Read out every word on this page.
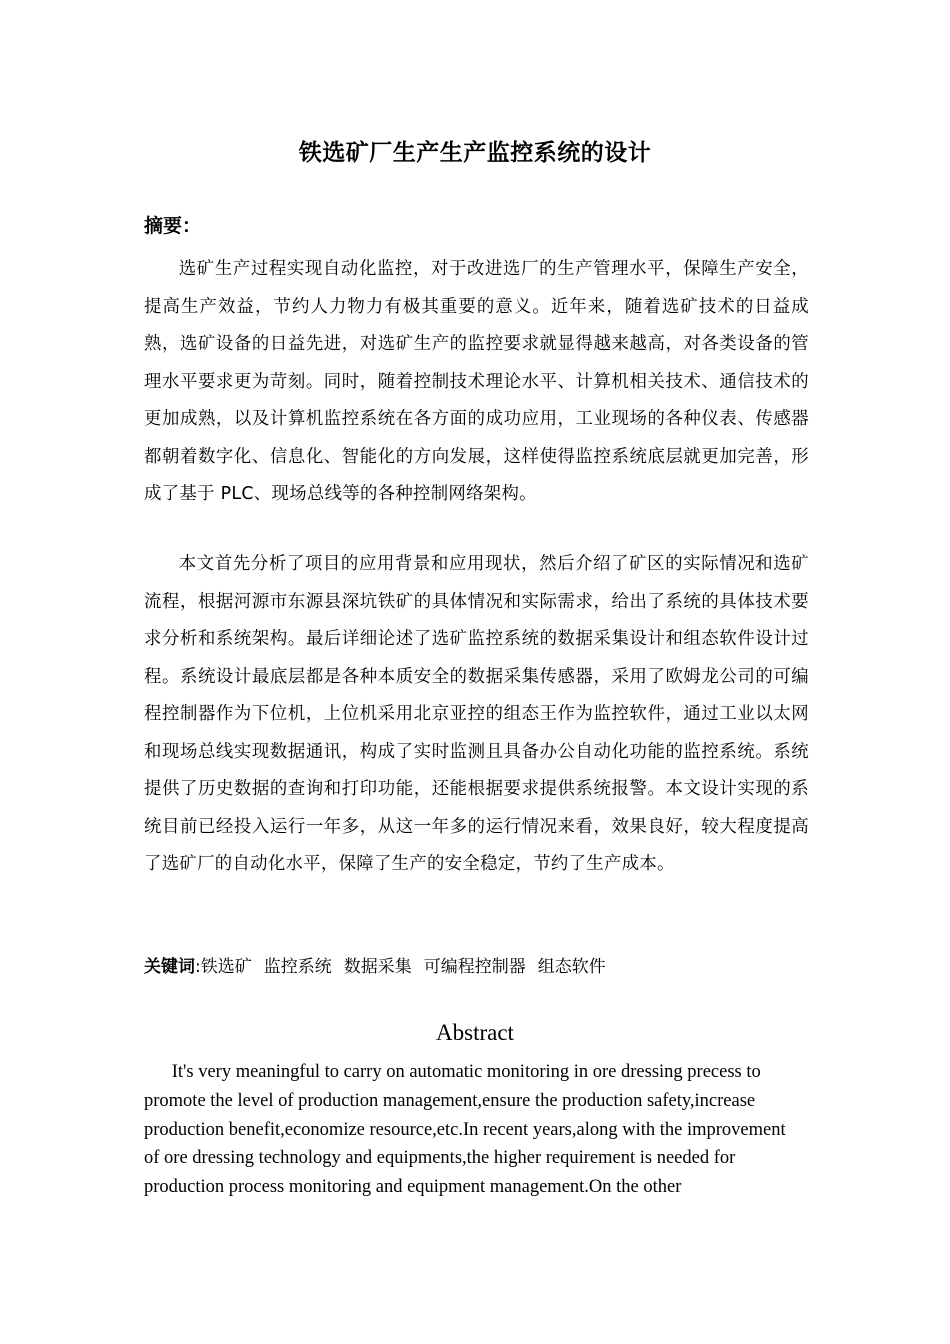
铁选矿厂生产生产监控系统的设计
摘要：

选矿生产过程实现自动化监控，对于改进选厂的生产管理水平，保障生产安全，提高生产效益，节约人力物力有极其重要的意义。近年来，随着选矿技术的日益成熟，选矿设备的日益先进，对选矿生产的监控要求就显得越来越高，对各类设备的管理水平要求更为苛刻。同时，随着控制技术理论水平、计算机相关技术、通信技术的更加成熟，以及计算机监控系统在各方面的成功应用，工业现场的各种仪表、传感器都朝着数字化、信息化、智能化的方向发展，这样使得监控系统底层就更加完善，形成了基于 PLC、现场总线等的各种控制网络架构。

本文首先分析了项目的应用背景和应用现状，然后介绍了矿区的实际情况和选矿流程，根据河源市东源县深坑铁矿的具体情况和实际需求，给出了系统的具体技术要求分析和系统架构。最后详细论述了选矿监控系统的数据采集设计和组态软件设计过程。系统设计最底层都是各种本质安全的数据采集传感器，采用了欧姆龙公司的可编程控制器作为下位机，上位机采用北京亚控的组态王作为监控软件，通过工业以太网和现场总线实现数据通讯，构成了实时监测且具备办公自动化功能的监控系统。系统提供了历史数据的查询和打印功能，还能根据要求提供系统报警。本文设计实现的系统目前已经投入运行一年多，从这一年多的运行情况来看，效果良好，较大程度提高了选矿厂的自动化水平，保障了生产的安全稳定，节约了生产成本。

关键词:铁选矿 监控系统 数据采集 可编程控制器 组态软件
Abstract

It's very meaningful to carry on automatic monitoring in ore dressing precess to promote the level of production management,ensure the production safety,increase production benefit,economize resource,etc.In recent years,along with the improvement of ore dressing technology and equipments,the higher requirement is needed for production process monitoring and equipment management.On the other
